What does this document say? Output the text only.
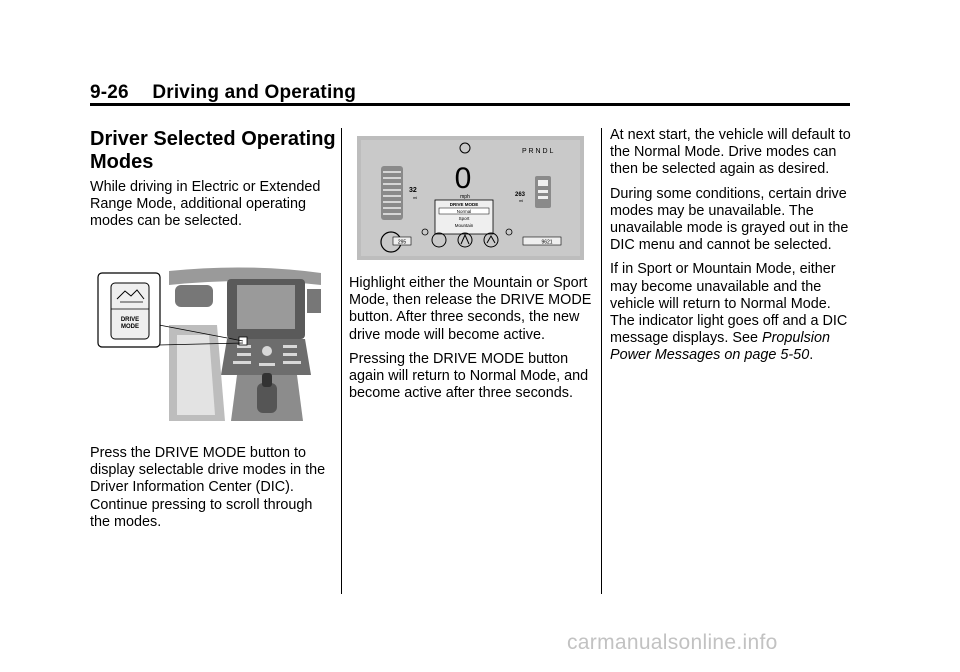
9-26 Driving and Operating
Driver Selected Operating Modes

While driving in Electric or Extended Range Mode, additional operating modes can be selected.

DRIVE
MODE

Press the DRIVE MODE button to display selectable drive modes in the Driver Information Center (DIC). Continue pressing to scroll through the modes.

P R N D L
0
mph
32
mi	263
mi
DRIVE MODE
Normal
Sport
Mountain
295	9621

Highlight either the Mountain or Sport Mode, then release the DRIVE MODE button. After three seconds, the new drive mode will become active.

Pressing the DRIVE MODE button again will return to Normal Mode, and become active after three seconds.

At next start, the vehicle will default to the Normal Mode. Drive modes can then be selected again as desired.

During some conditions, certain drive modes may be unavailable. The unavailable mode is grayed out in the DIC menu and cannot be selected.

If in Sport or Mountain Mode, either may become unavailable and the vehicle will return to Normal Mode. The indicator light goes off and a DIC message displays. See Propulsion Power Messages on page 5-50.

carmanualsonline.info
